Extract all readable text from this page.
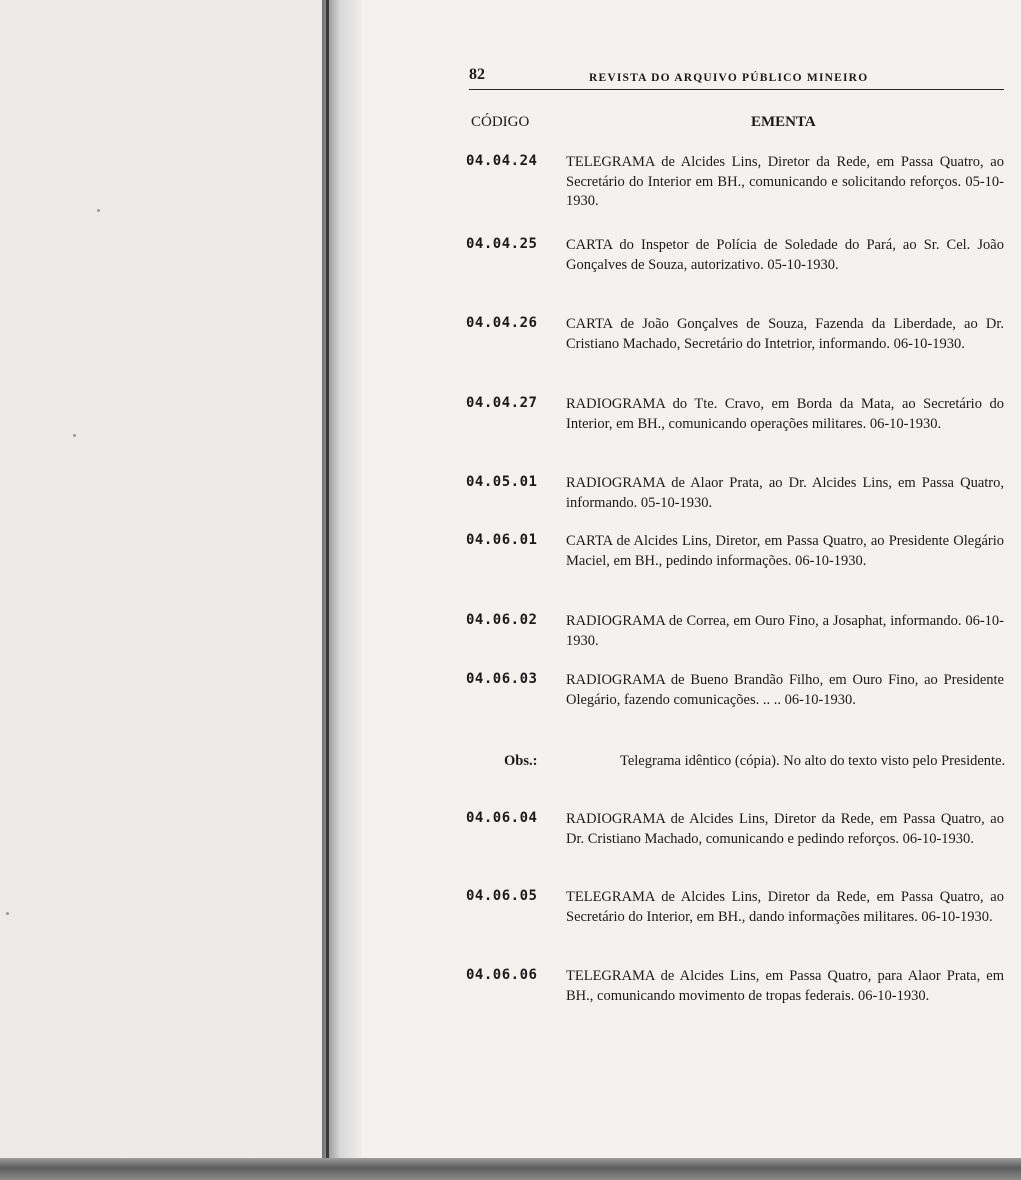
82	REVISTA DO ARQUIVO PÚBLICO MINEIRO
CÓDIGO	EMENTA
04.04.24 TELEGRAMA de Alcides Lins, Diretor da Rede, em Passa Quatro, ao Secretário do Interior em BH., comunicando e solicitando reforços. 05-10-1930.
04.04.25 CARTA do Inspetor de Polícia de Soledade do Pará, ao Sr. Cel. João Gonçalves de Souza, autorizativo. 05-10-1930.
04.04.26 CARTA de João Gonçalves de Souza, Fazenda da Liberdade, ao Dr. Cristiano Machado, Secretário do Intetrior, informando. 06-10-1930.
04.04.27 RADIOGRAMA do Tte. Cravo, em Borda da Mata, ao Secretário do Interior, em BH., comunicando operações militares. 06-10-1930.
04.05.01 RADIOGRAMA de Alaor Prata, ao Dr. Alcides Lins, em Passa Quatro, informando. 05-10-1930.
04.06.01 CARTA de Alcides Lins, Diretor, em Passa Quatro, ao Presidente Olegário Maciel, em BH., pedindo informações. 06-10-1930.
04.06.02 RADIOGRAMA de Correa, em Ouro Fino, a Josaphat, informando. 06-10-1930.
04.06.03 RADIOGRAMA de Bueno Brandão Filho, em Ouro Fino, ao Presidente Olegário, fazendo comunicações. .. .. 06-10-1930.
Obs.:	Telegrama idêntico (cópia). No alto do texto visto pelo Presidente.
04.06.04 RADIOGRAMA de Alcides Lins, Diretor da Rede, em Passa Quatro, ao Dr. Cristiano Machado, comunicando e pedindo reforços. 06-10-1930.
04.06.05 TELEGRAMA de Alcides Lins, Diretor da Rede, em Passa Quatro, ao Secretário do Interior, em BH., dando informações militares. 06-10-1930.
04.06.06 TELEGRAMA de Alcides Lins, em Passa Quatro, para Alaor Prata, em BH., comunicando movimento de tropas federais. 06-10-1930.
